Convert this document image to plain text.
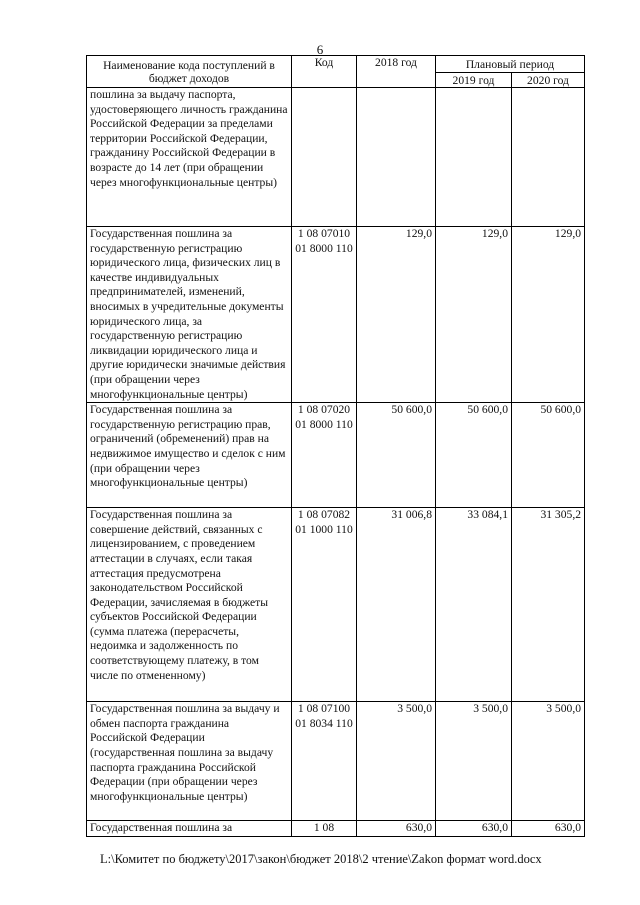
6
Наименование кода поступлений в бюджет доходов	Код	2018 год	Плановый период	
			2019 год	2020 год
пошлина за выдачу паспорта, удостоверяющего личность гражданина Российской Федерации за пределами территории Российской Федерации, гражданину Российской Федерации в возрасте до 14 лет (при обращении через многофункциональные центры)				
Государственная пошлина за государственную регистрацию юридического лица, физических лиц в качестве индивидуальных предпринимателей, изменений, вносимых в учредительные документы юридического лица, за государственную регистрацию ликвидации юридического лица и другие юридически значимые действия (при обращении через многофункциональные центры)	1 08 07010 01 8000 110	129,0	129,0	129,0
Государственная пошлина за государственную регистрацию прав, ограничений (обременений) прав на недвижимое имущество и сделок с ним (при обращении через многофункциональные центры)	1 08 07020 01 8000 110	50 600,0	50 600,0	50 600,0
Государственная пошлина за совершение действий, связанных с лицензированием, с проведением аттестации в случаях, если такая аттестация предусмотрена законодательством Российской Федерации, зачисляемая в бюджеты субъектов Российской Федерации (сумма платежа (перерасчеты, недоимка и задолженность по соответствующему платежу, в том числе по отмененному)	1 08 07082 01 1000 110	31 006,8	33 084,1	31 305,2
Государственная пошлина за выдачу и обмен паспорта гражданина Российской Федерации (государственная пошлина за выдачу паспорта гражданина Российской Федерации (при обращении через многофункциональные центры)	1 08 07100 01 8034 110	3 500,0	3 500,0	3 500,0
Государственная пошлина за	1 08	630,0	630,0	630,0
L:\Комитет по бюджету\2017\закон\бюджет 2018\2 чтение\Zakon формат word.docx
